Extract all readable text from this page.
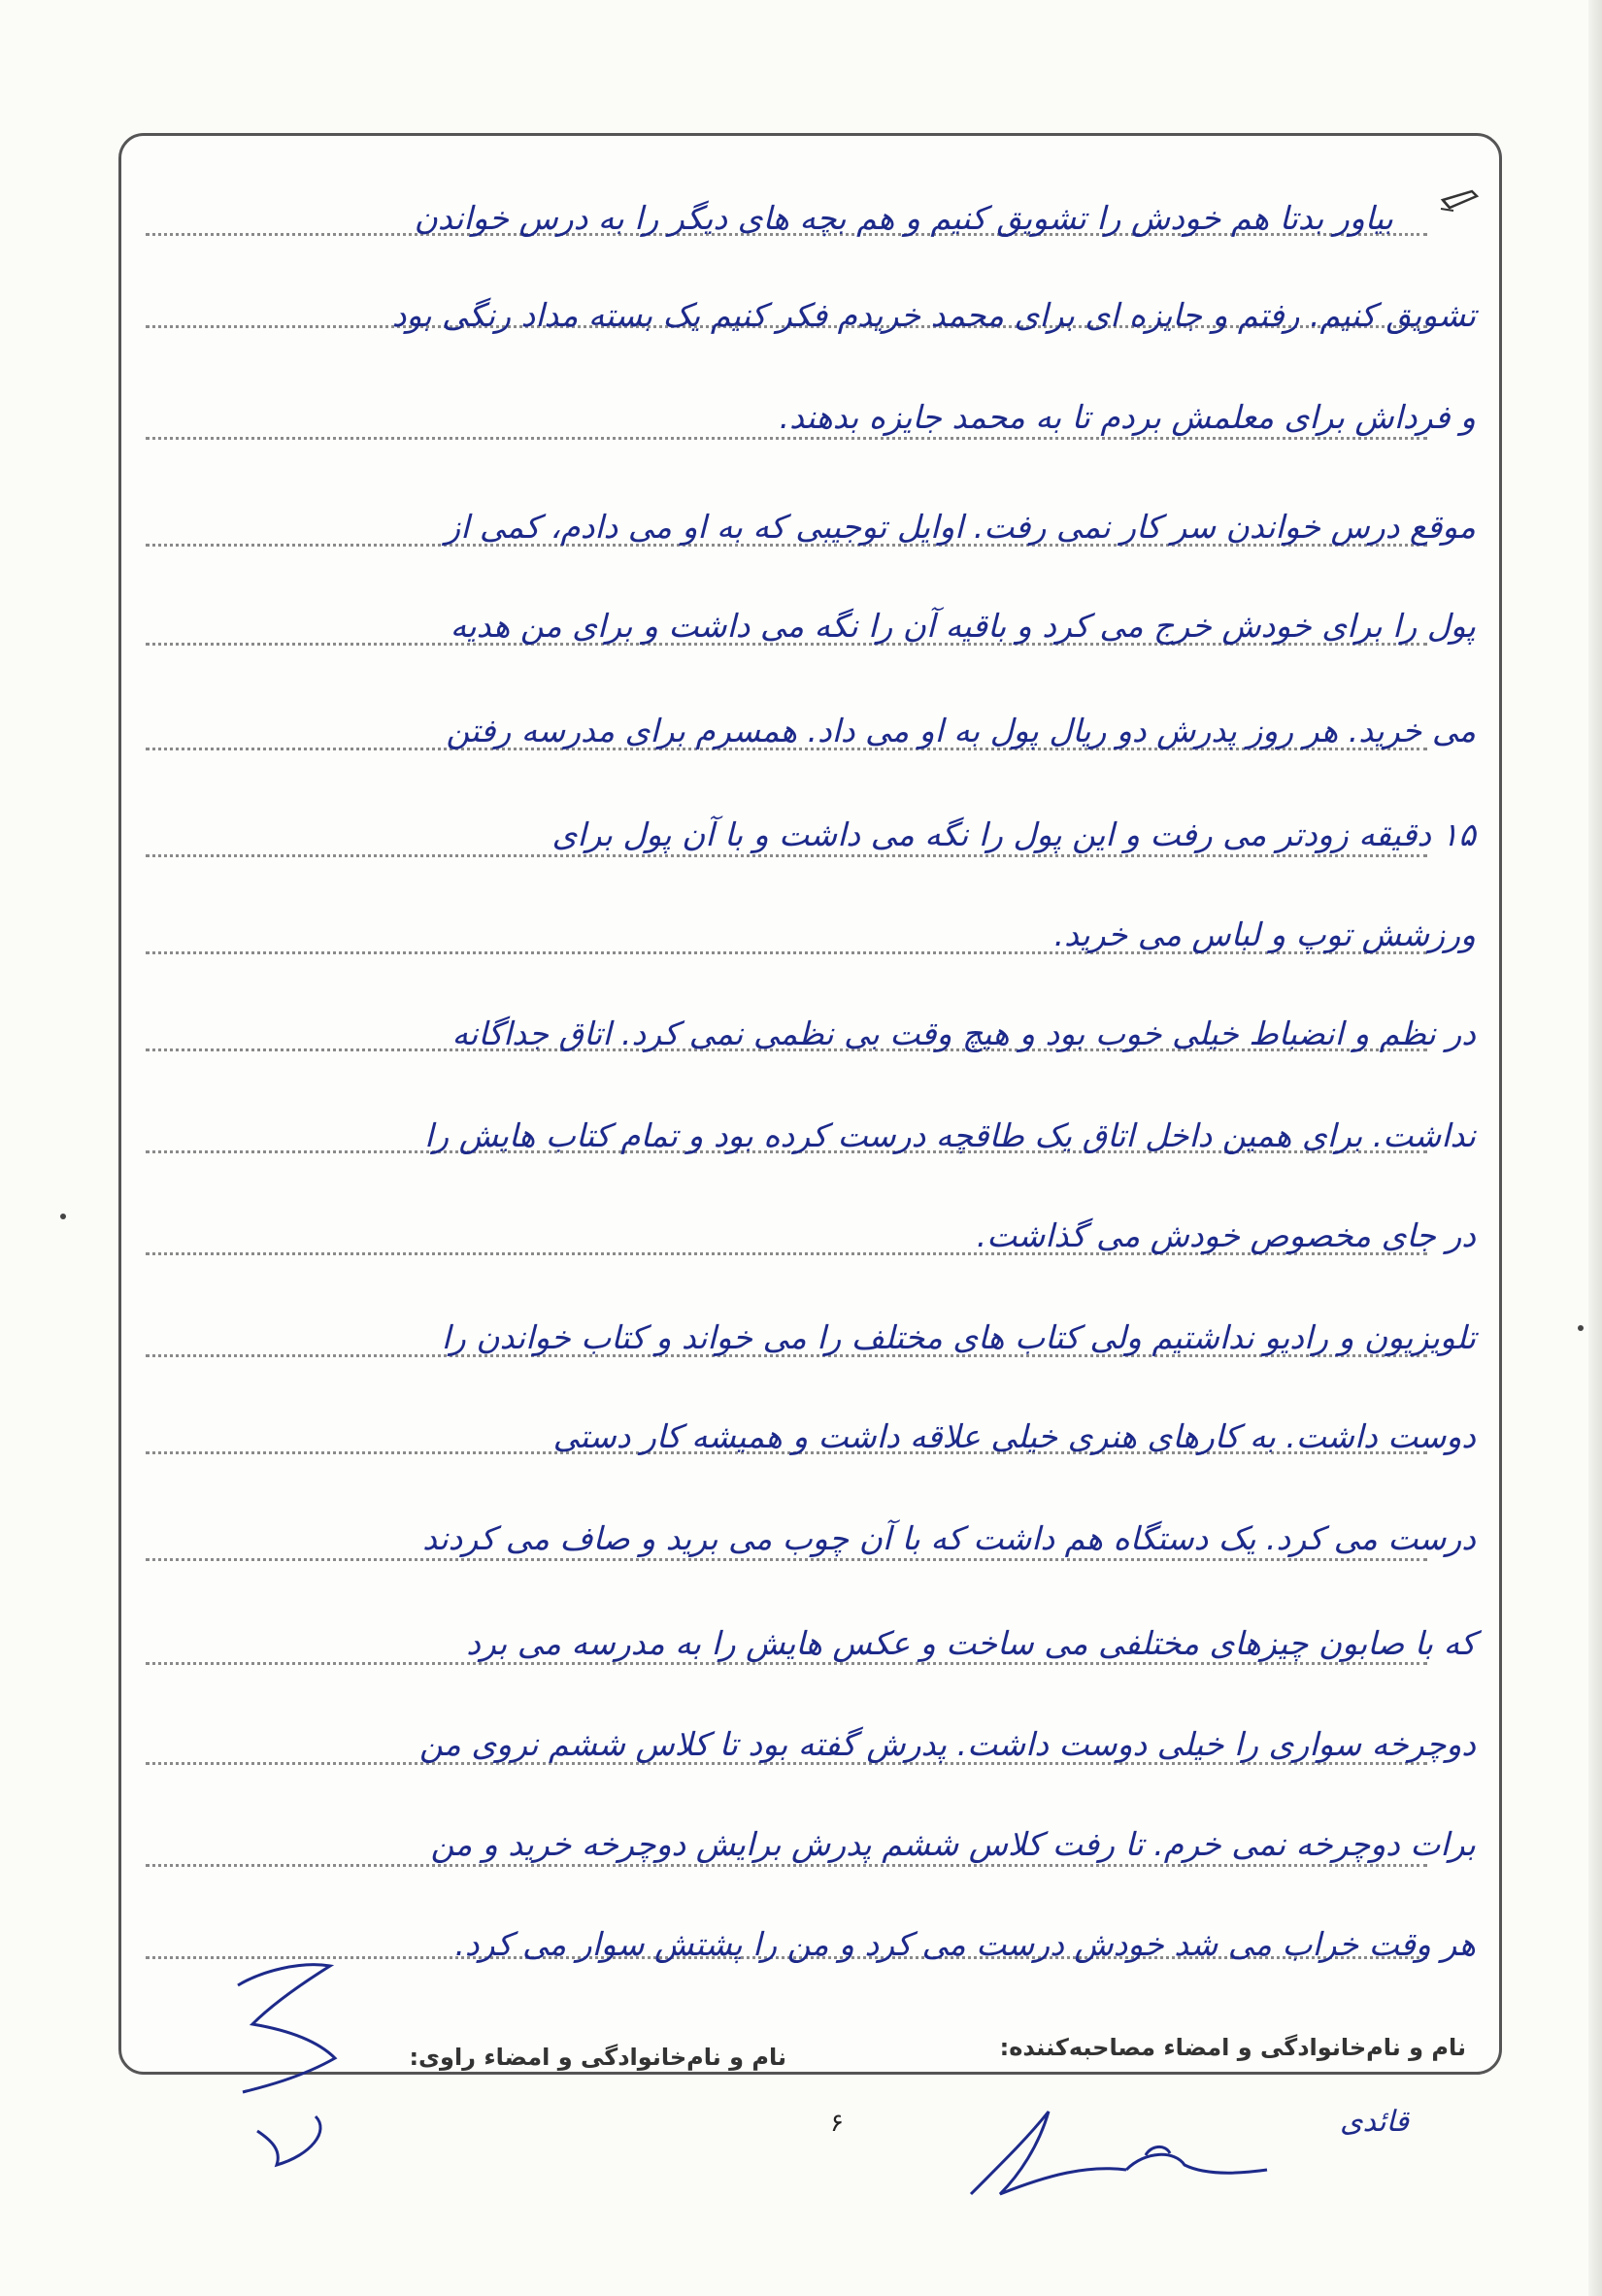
بیاور بدتا هم خودش را تشویق کنیم و هم بچه های دیگر را به درس خواندن
تشویق کنیم. رفتم و جایزه ای برای محمد خریدم فکر کنیم یک بسته مداد رنگی بود
و فرداش برای معلمش بردم تا به محمد جایزه بدهند.
موقع درس خواندن سر کار نمی رفت. اوایل توجیبی که به او می دادم، کمی از
پول را برای خودش خرج می کرد و باقیه آن را نگه می داشت و برای من هدیه
می خرید. هر روز پدرش دو ریال پول به او می داد. همسرم برای مدرسه رفتن
۱۵ دقیقه زودتر می رفت و این پول را نگه می داشت و با آن پول برای
ورزشش توپ و لباس می خرید.
در نظم و انضباط خیلی خوب بود و هیچ وقت بی نظمی نمی کرد. اتاق جداگانه
نداشت. برای همین داخل اتاق یک طاقچه درست کرده بود و تمام کتاب هایش را
در جای مخصوص خودش می گذاشت.
تلویزیون و رادیو نداشتیم ولی کتاب های مختلف را می خواند و کتاب خواندن را
دوست داشت. به کارهای هنری خیلی علاقه داشت و همیشه کار دستی
درست می کرد. یک دستگاه هم داشت که با آن چوب می برید و صاف می کردند
که با صابون چیزهای مختلفی می ساخت و عکس هایش را به مدرسه می برد
دوچرخه سواری را خیلی دوست داشت. پدرش گفته بود تا کلاس ششم نروی من
برات دوچرخه نمی خرم. تا رفت کلاس ششم پدرش برایش دوچرخه خرید و من
هر وقت خراب می شد خودش درست می کرد و من را پشتش سوار می کرد.
نام و نام‌خانوادگی و امضاء مصاحبه‌کننده:
نام و نام‌خانوادگی و امضاء راوی:
قائدی
۶
